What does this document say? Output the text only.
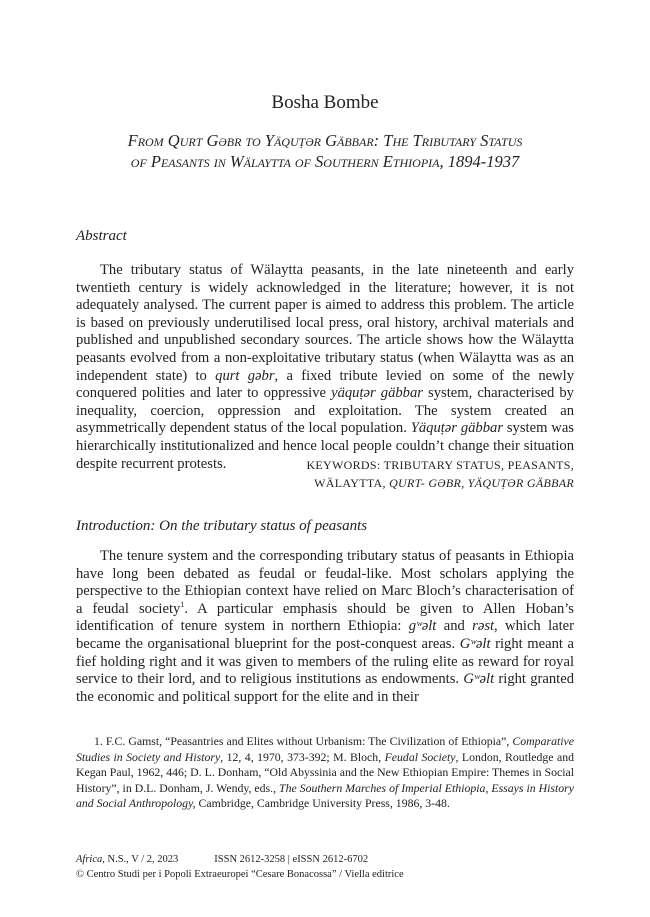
Bosha Bombe
From Qurt Gəbr to Yäquṭər Gäbbar: The Tributary Status
of Peasants in Wälaytta of Southern Ethiopia, 1894-1937
Abstract
The tributary status of Wälaytta peasants, in the late nineteenth and early twentieth century is widely acknowledged in the literature; however, it is not adequately analysed. The current paper is aimed to address this problem. The article is based on previously underutilised local press, oral history, archival materials and published and unpublished secondary sources. The article shows how the Wälaytta peasants evolved from a non-exploitative tributary status (when Wälaytta was as an independent state) to qurt gəbr, a fixed tribute levied on some of the newly conquered polities and later to oppressive yäquṭər gäbbar system, characterised by inequality, coercion, oppression and exploitation. The system created an asymmetrically dependent status of the local population. Yäquṭər gäbbar system was hierarchically institutionalized and hence local people couldn’t change their situation despite recurrent protests.	KEYWORDS: TRIBUTARY STATUS, PEASANTS,
WÄLAYTTA, QURT- GƏBR, YÄQUṬƏR GÄBBAR
Introduction: On the tributary status of peasants
The tenure system and the corresponding tributary status of peasants in Ethiopia have long been debated as feudal or feudal-like. Most scholars applying the perspective to the Ethiopian context have relied on Marc Bloch’s characterisation of a feudal society$^1$. A particular emphasis should be given to Allen Hoban’s identification of tenure system in northern Ethiopia: gʷəlt and rəst, which later became the organisational blueprint for the post-conquest areas. Gʷəlt right meant a fief holding right and it was given to members of the ruling elite as reward for royal service to their lord, and to religious institutions as endowments. Gʷəlt right granted the economic and political support for the elite and in their
1. F.C. Gamst, “Peasantries and Elites without Urbanism: The Civilization of Ethiopia”, Comparative Studies in Society and History, 12, 4, 1970, 373-392; M. Bloch, Feudal Society, London, Routledge and Kegan Paul, 1962, 446; D. L. Donham, “Old Abyssinia and the New Ethiopian Empire: Themes in Social History”, in D.L. Donham, J. Wendy, eds., The Southern Marches of Imperial Ethiopia, Essays in History and Social Anthropology, Cambridge, Cambridge University Press, 1986, 3-48.
Africa, N.S., V / 2, 2023	ISSN 2612-3258 | eISSN 2612-6702
© Centro Studi per i Popoli Extraeuropei “Cesare Bonacossa” / Viella editrice
